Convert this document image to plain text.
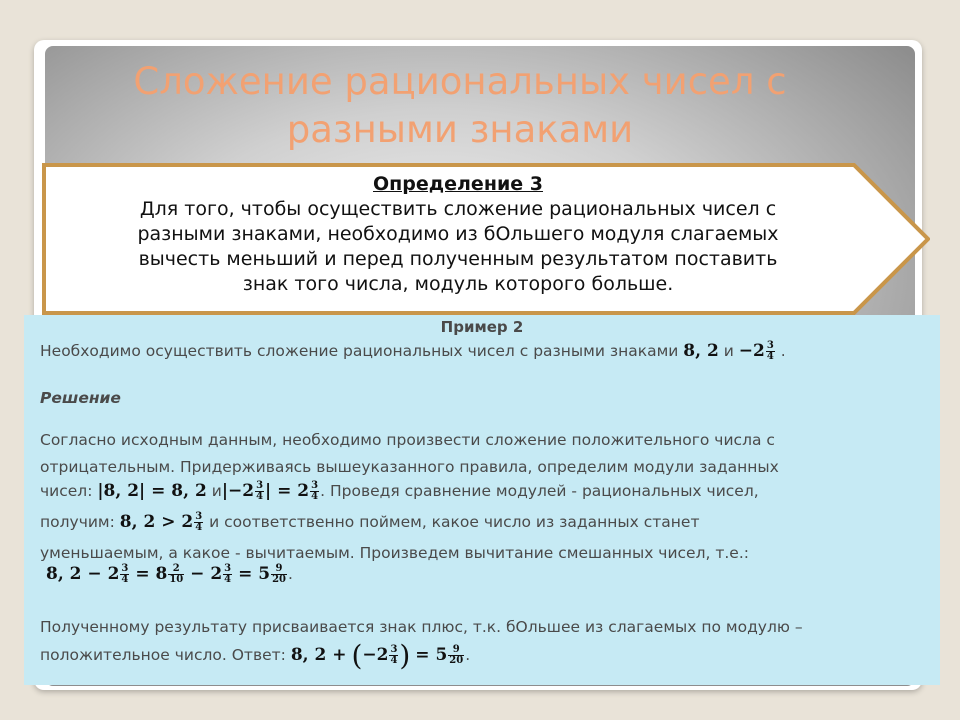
Сложение рациональных чисел с
разными знаками
Определение 3
Для того, чтобы осуществить сложение рациональных чисел с
разными знаками, необходимо из бОльшего модуля слагаемых
вычесть меньший и перед полученным результатом поставить
знак того числа, модуль которого больше.
Пример 2
Необходимо осуществить сложение рациональных чисел с разными знаками 8, 2 $и -2 \frac{3}{4}$ .
Решение
Согласно исходным данным, необходимо произвести сложение положительного числа с
отрицательным. Придерживаясь вышеуказанного правила, определим модули заданных
чисел: |8, 2| = 8, 2 $и|-2 \frac{3}{4}$ | = $2 \frac{3}{4}$ . Проведя сравнение модулей - рациональных чисел,
получим: 8, $2 > 2 \frac{3}{4}$ и соответственно поймем, какое число из заданных станет
уменьшаемым, а какое - вычитаемым. Произведем вычитание смешанных чисел, т.е.:
8, $2 - 2 \frac{3}{4} = 8 \frac{2}{10} - 2 \frac{3}{4} = 5 \frac{9}{20}$ .
Полученному результату присваивается знак плюс, т.к. бОльшее из слагаемых по модулю –
положительное число. Ответ: 8, $2 + (-2 \frac{3}{4}$ ) = $5 \frac{9}{20}$ .
